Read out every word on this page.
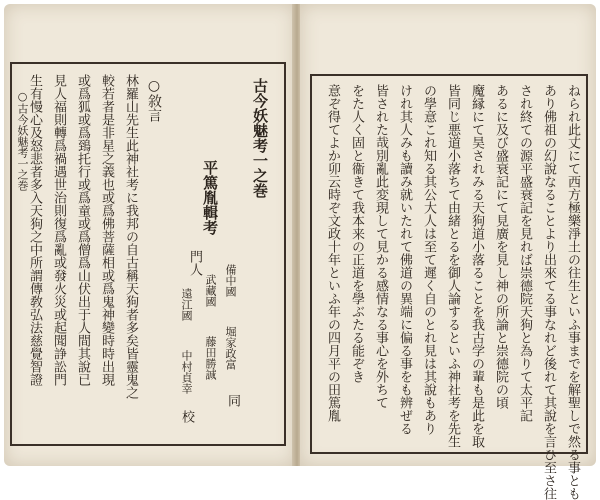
○古今妖魅考一之巻	古今妖魅考一之巻
平篤胤輯考
門人
備中國
堀家政富
武藏國
藤田勝誠
遠江國
中村貞幸
同
校
○敘言
林羅山先生此神社考に我邦の自古稱天狗者多矣皆靈鬼之
較若者是非星之義也或爲佛菩薩相或爲鬼神變時時出現
或爲狐或爲鵄托行或爲童或爲僧爲山伏出于人間其說已
見人福則轉爲禍遇世治則復爲亂或發火災或起聞諍訟門
生有慢心及怒悲者多入天狗之中所謂傳敎弘法慈覺智證	ねられ此丈にて西方極樂淨土の往生といふ事までを解聖しで然る事とも
あり佛祖の幻說なることより出來てる事なれど後れて其說を言ひ至さ往
され終ての源平盛衰記を見れば崇德院天狗と為りて太平記
あるに及び盛衰記にて見廣を見し神の所論と崇德院の頃
魔縁にて昊されみる天狗道小落ることを我古学の輩も是此を取
皆同じ悪道小落ちて由緒とるを御人論するといふ神社考を先生
の學意これ知る其公大人は至て遲く自のとれ見は其說もあり
けれ其人みも讀み就いたれて佛道の異端に偏る事をも辨ぜる
皆された哉別亂此変現して見かる感情なる事心を外ちて
をた人く固と衞きて我本来の正道を學ぶたる能ぞき
意ぞ得てよか卯云時ぞ文政十年といふ年の四月平の田篤胤
